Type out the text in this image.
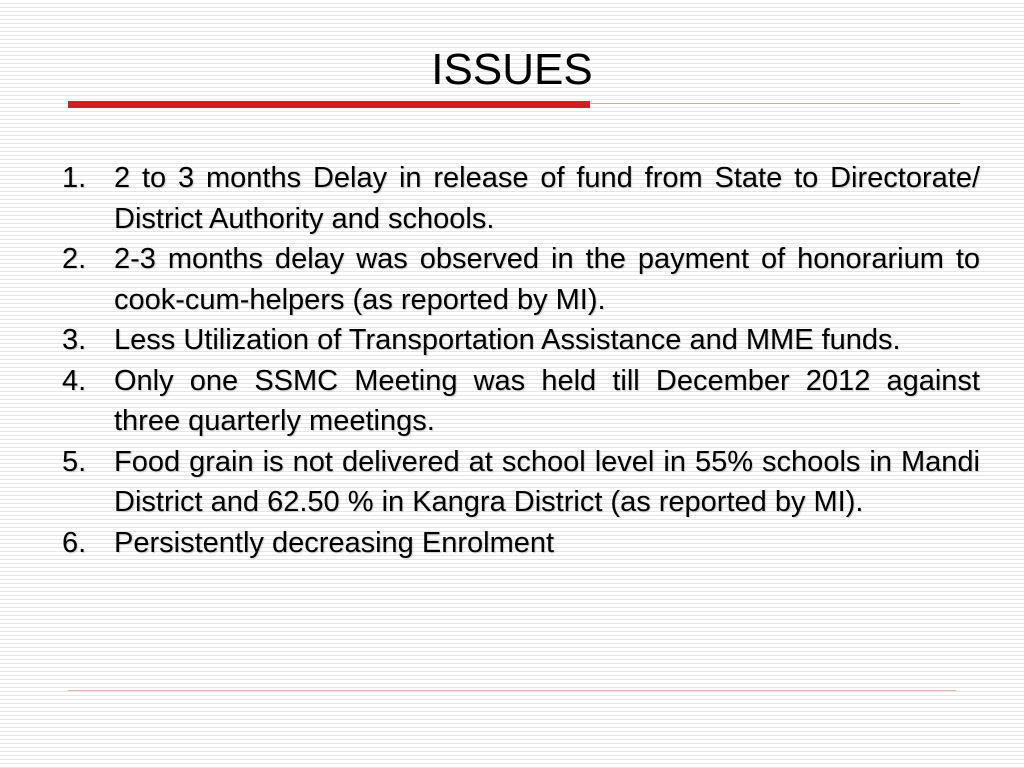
ISSUES
1. 2 to 3 months Delay in release of fund from State to Directorate/ District Authority and schools.
2. 2-3 months delay was observed in the payment of honorarium to cook-cum-helpers (as reported by MI).
3. Less Utilization of Transportation Assistance and MME funds.
4. Only one SSMC Meeting was held till December 2012 against three quarterly meetings.
5. Food grain is not delivered at school level in 55% schools in Mandi District and 62.50 % in Kangra District (as reported by MI).
6. Persistently decreasing Enrolment
